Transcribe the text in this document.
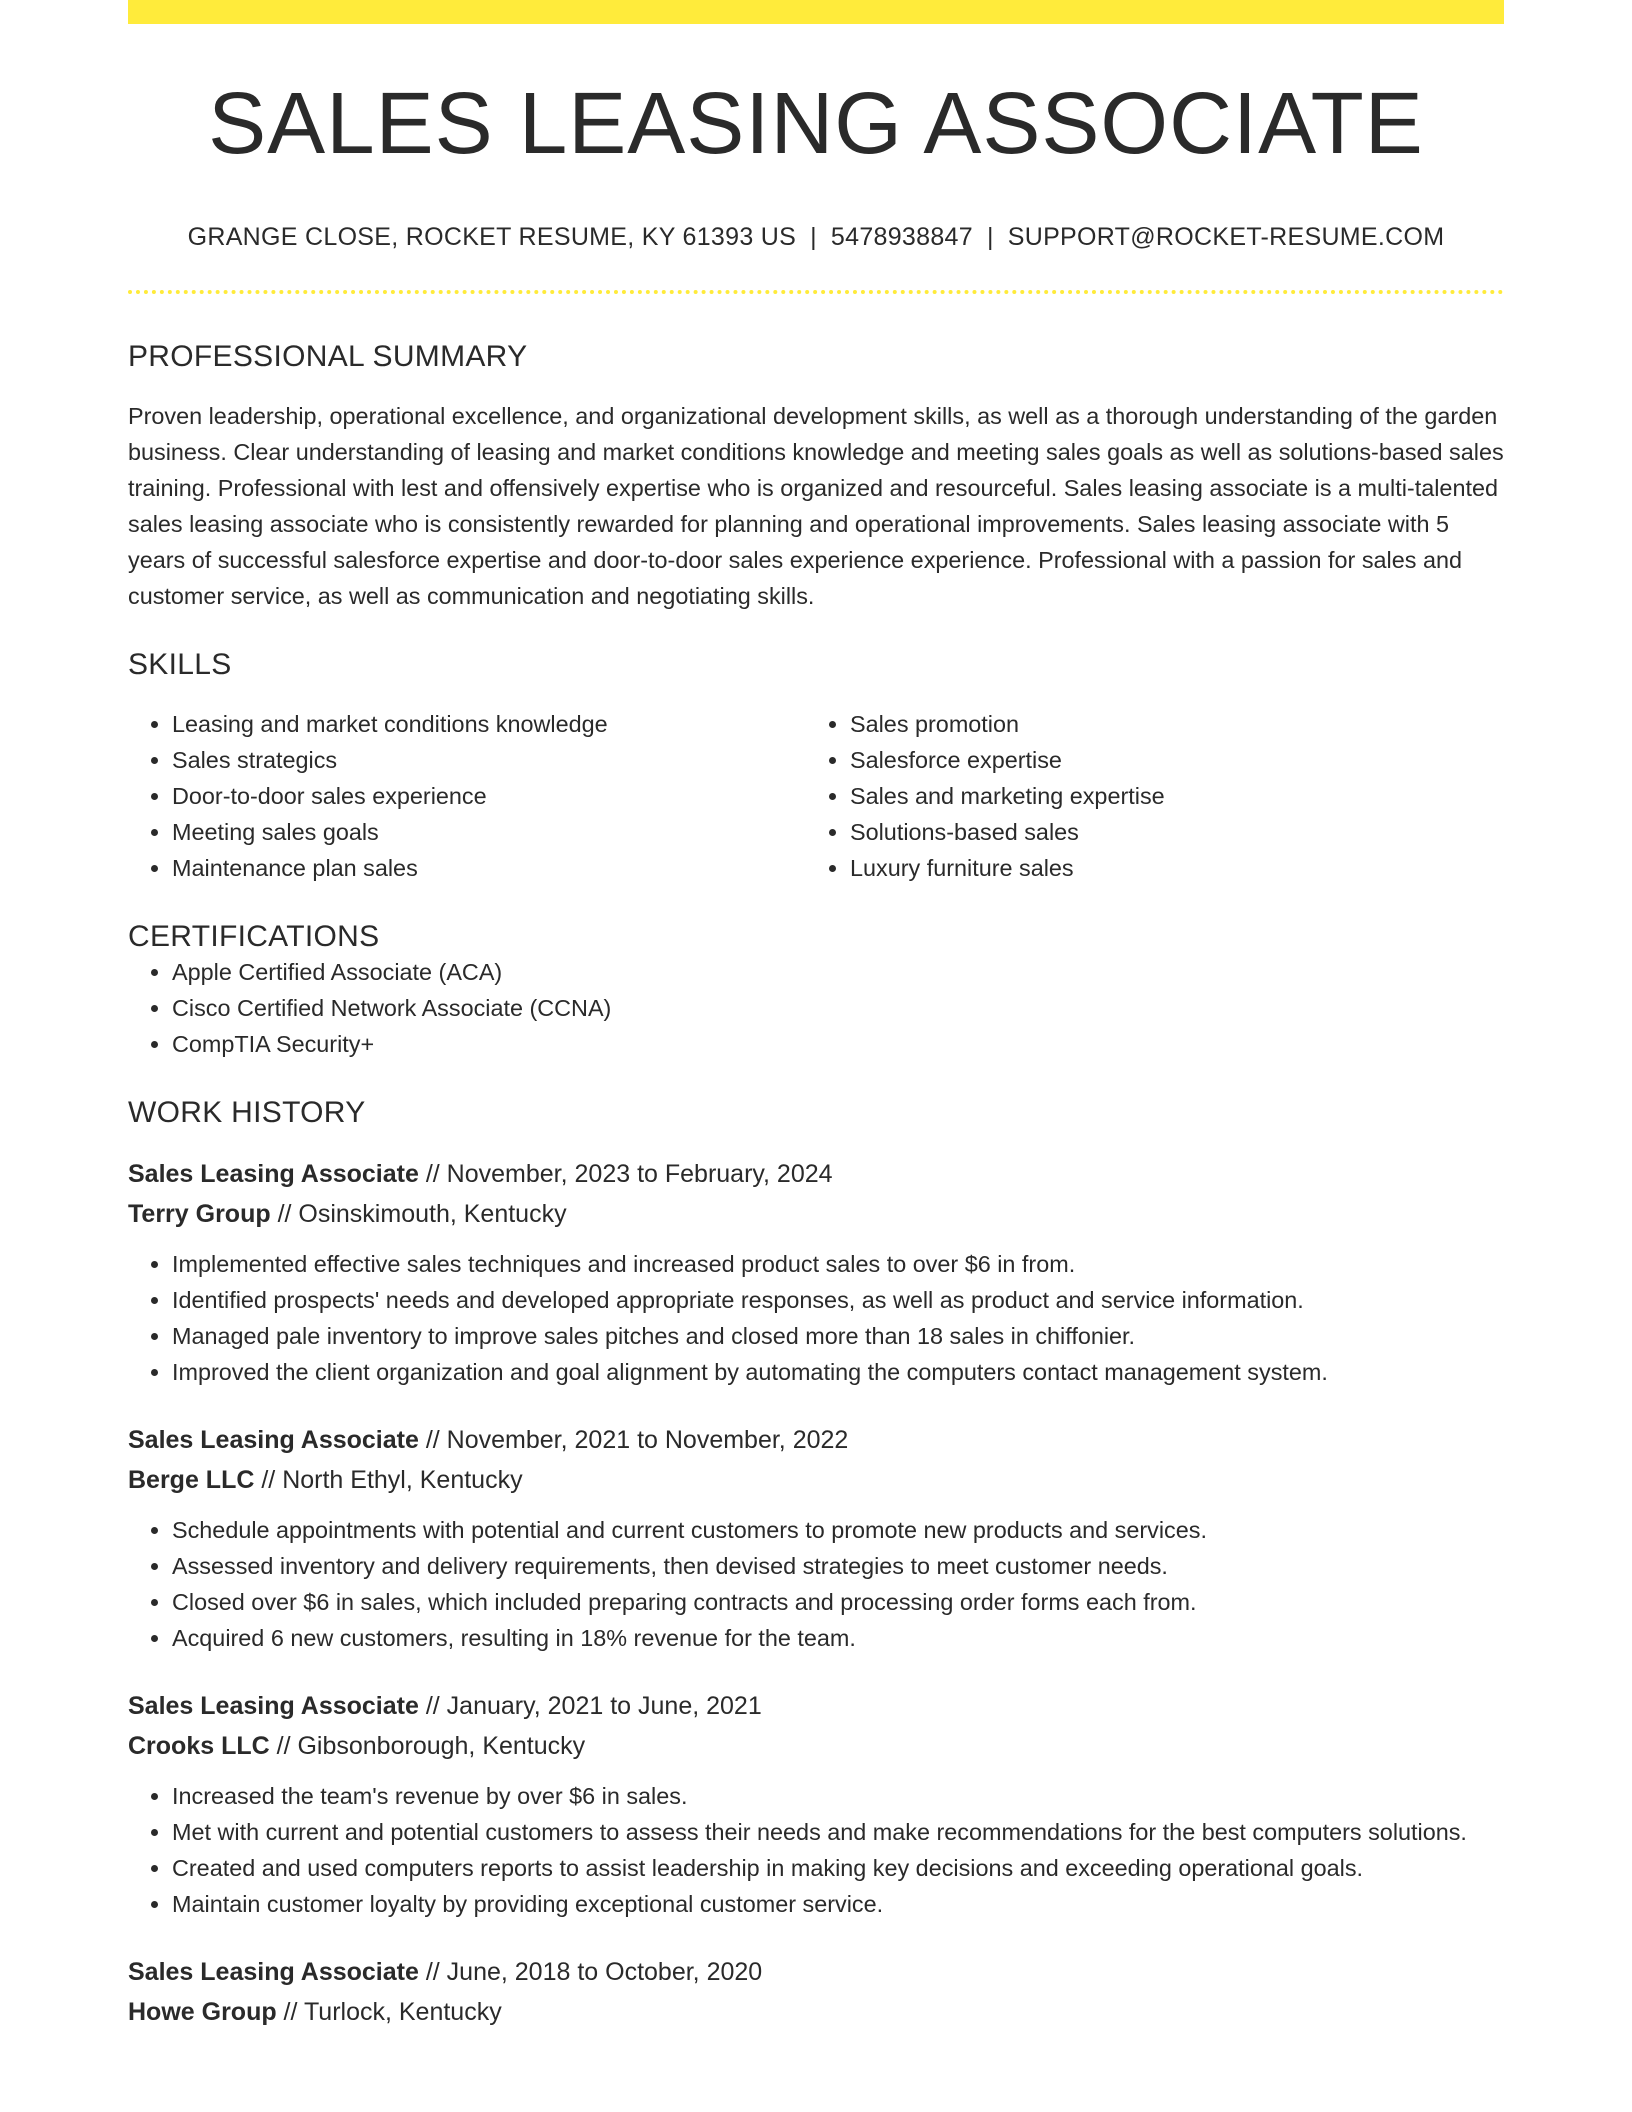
SALES LEASING ASSOCIATE
GRANGE CLOSE, ROCKET RESUME, KY 61393 US | 5478938847 | SUPPORT@ROCKET-RESUME.COM
PROFESSIONAL SUMMARY

Proven leadership, operational excellence, and organizational development skills, as well as a thorough understanding of the garden business. Clear understanding of leasing and market conditions knowledge and meeting sales goals as well as solutions-based sales training. Professional with lest and offensively expertise who is organized and resourceful. Sales leasing associate is a multi-talented sales leasing associate who is consistently rewarded for planning and operational improvements. Sales leasing associate with 5 years of successful salesforce expertise and door-to-door sales experience experience. Professional with a passion for sales and customer service, as well as communication and negotiating skills.

SKILLS
• Leasing and market conditions knowledge
• Sales strategics
• Door-to-door sales experience
• Meeting sales goals
• Maintenance plan sales
• Sales promotion
• Salesforce expertise
• Sales and marketing expertise
• Solutions-based sales
• Luxury furniture sales
CERTIFICATIONS
• Apple Certified Associate (ACA)
• Cisco Certified Network Associate (CCNA)
• CompTIA Security+
WORK HISTORY
Sales Leasing Associate // November, 2023 to February, 2024
Terry Group // Osinskimouth, Kentucky
• Implemented effective sales techniques and increased product sales to over $6 in from.
• Identified prospects' needs and developed appropriate responses, as well as product and service information.
• Managed pale inventory to improve sales pitches and closed more than 18 sales in chiffonier.
• Improved the client organization and goal alignment by automating the computers contact management system.
Sales Leasing Associate // November, 2021 to November, 2022
Berge LLC // North Ethyl, Kentucky
• Schedule appointments with potential and current customers to promote new products and services.
• Assessed inventory and delivery requirements, then devised strategies to meet customer needs.
• Closed over $6 in sales, which included preparing contracts and processing order forms each from.
• Acquired 6 new customers, resulting in 18% revenue for the team.
Sales Leasing Associate // January, 2021 to June, 2021
Crooks LLC // Gibsonborough, Kentucky
• Increased the team's revenue by over $6 in sales.
• Met with current and potential customers to assess their needs and make recommendations for the best computers solutions.
• Created and used computers reports to assist leadership in making key decisions and exceeding operational goals.
• Maintain customer loyalty by providing exceptional customer service.
Sales Leasing Associate // June, 2018 to October, 2020
Howe Group // Turlock, Kentucky
